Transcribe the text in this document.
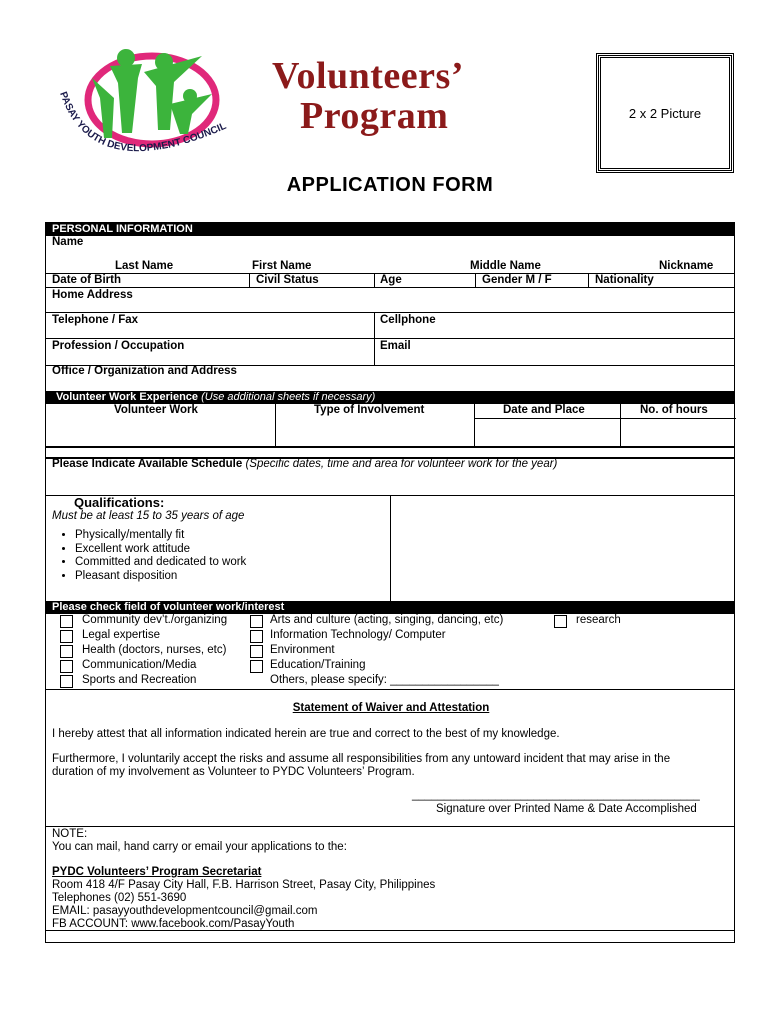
PASAY YOUTH DEVELOPMENT COUNCIL
Volunteers’
Program	2 x 2 Picture
APPLICATION FORM
PERSONAL INFORMATION
Name
Last Name	First Name	Middle Name	Nickname
Date of Birth	Civil Status	Age	Gender M / F	Nationality
Home Address
Telephone / Fax	Cellphone
Profession / Occupation	Email
Office / Organization and Address
Volunteer Work Experience (Use additional sheets if necessary)
Volunteer Work	Type of Involvement	Date and Place	No. of hours
Please Indicate Available Schedule (Specific dates, time and area for volunteer work for the year)
Qualifications:
Must be at least 15 to 35 years of age
• Physically/mentally fit
• Excellent work attitude
• Committed and dedicated to work
• Pleasant disposition
Please check field of volunteer work/interest
Community dev’t./organizing
Legal expertise
Health (doctors, nurses, etc)
Communication/Media
Sports and Recreation
Arts and culture (acting, singing, dancing, etc)
Information Technology/ Computer
Environment
Education/Training
Others, please specify: _________________
research
Statement of Waiver and Attestation
I hereby attest that all information indicated herein are true and correct to the best of my knowledge.
Furthermore, I voluntarily accept the risks and assume all responsibilities from any untoward incident that may arise in the
duration of my involvement as Volunteer to PYDC Volunteers’ Program.
_____________________________________________
Signature over Printed Name & Date Accomplished
NOTE:
You can mail, hand carry or email your applications to the:
PYDC Volunteers’ Program Secretariat
Room 418 4/F Pasay City Hall, F.B. Harrison Street, Pasay City, Philippines
Telephones (02) 551-3690
EMAIL: pasayyouthdevelopmentcouncil@gmail.com
FB ACCOUNT: www.facebook.com/PasayYouth
